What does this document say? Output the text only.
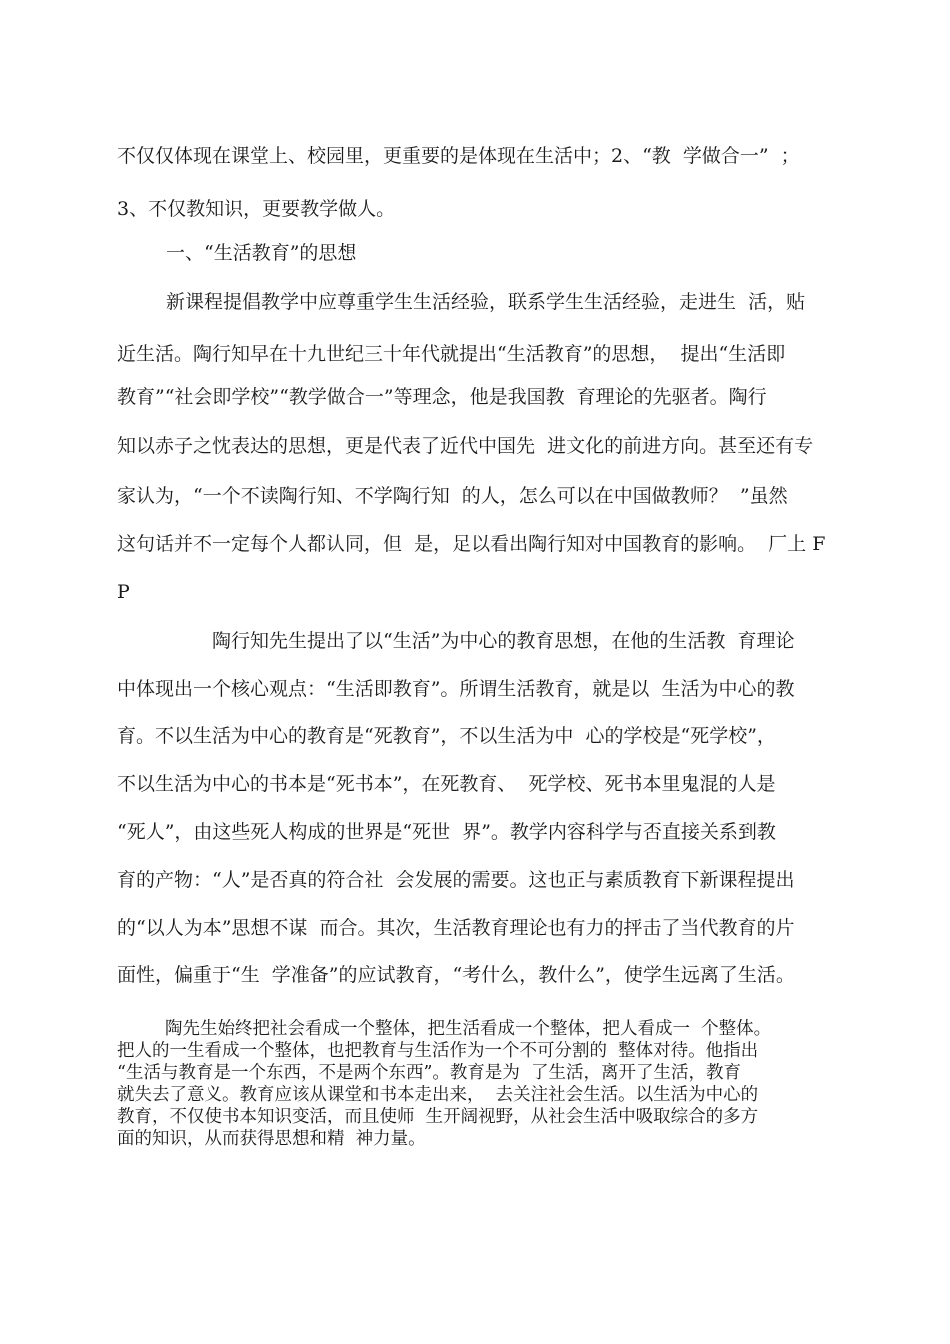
不仅仅体现在课堂上、校园里，更重要的是体现在生活中；2、“教  学做合一”  ；
3、不仅教知识，更要教学做人。
一、“生活教育”的思想
新课程提倡教学中应尊重学生生活经验，联系学生生活经验，走进生  活，贴
近生活。陶行知早在十九世纪三十年代就提出“生活教育”的思想，  提出“生活即
教育”“社会即学校”“教学做合一”等理念，他是我国教  育理论的先驱者。陶行
知以赤子之忱表达的思想，更是代表了近代中国先  进文化的前进方向。甚至还有专
家认为，“一个不读陶行知、不学陶行知  的人，怎么可以在中国做教师？  ”虽然
这句话并不一定每个人都认同，但  是，足以看出陶行知对中国教育的影响。  厂上 F
P
陶行知先生提出了以“生活”为中心的教育思想，在他的生活教  育理论
中体现出一个核心观点：“生活即教育”。所谓生活教育，就是以  生活为中心的教
育。不以生活为中心的教育是“死教育”，不以生活为中  心的学校是“死学校”，
不以生活为中心的书本是“死书本”，在死教育、  死学校、死书本里鬼混的人是
“死人”，由这些死人构成的世界是“死世  界”。教学内容科学与否直接关系到教
育的产物：“人”是否真的符合社  会发展的需要。这也正与素质教育下新课程提出
的“以人为本”思想不谋  而合。其次，生活教育理论也有力的抨击了当代教育的片
面性，偏重于“生  学准备”的应试教育，“考什么，教什么”，使学生远离了生活。
陶先生始终把社会看成一个整体，把生活看成一个整体，把人看成一  个整体。
把人的一生看成一个整体，也把教育与生活作为一个不可分割的  整体对待。他指出
“生活与教育是一个东西，不是两个东西”。教育是为  了生活，离开了生活，教育
就失去了意义。教育应该从课堂和书本走出来，  去关注社会生活。以生活为中心的
教育，不仅使书本知识变活，而且使师  生开阔视野，从社会生活中吸取综合的多方
面的知识，从而获得思想和精  神力量。
